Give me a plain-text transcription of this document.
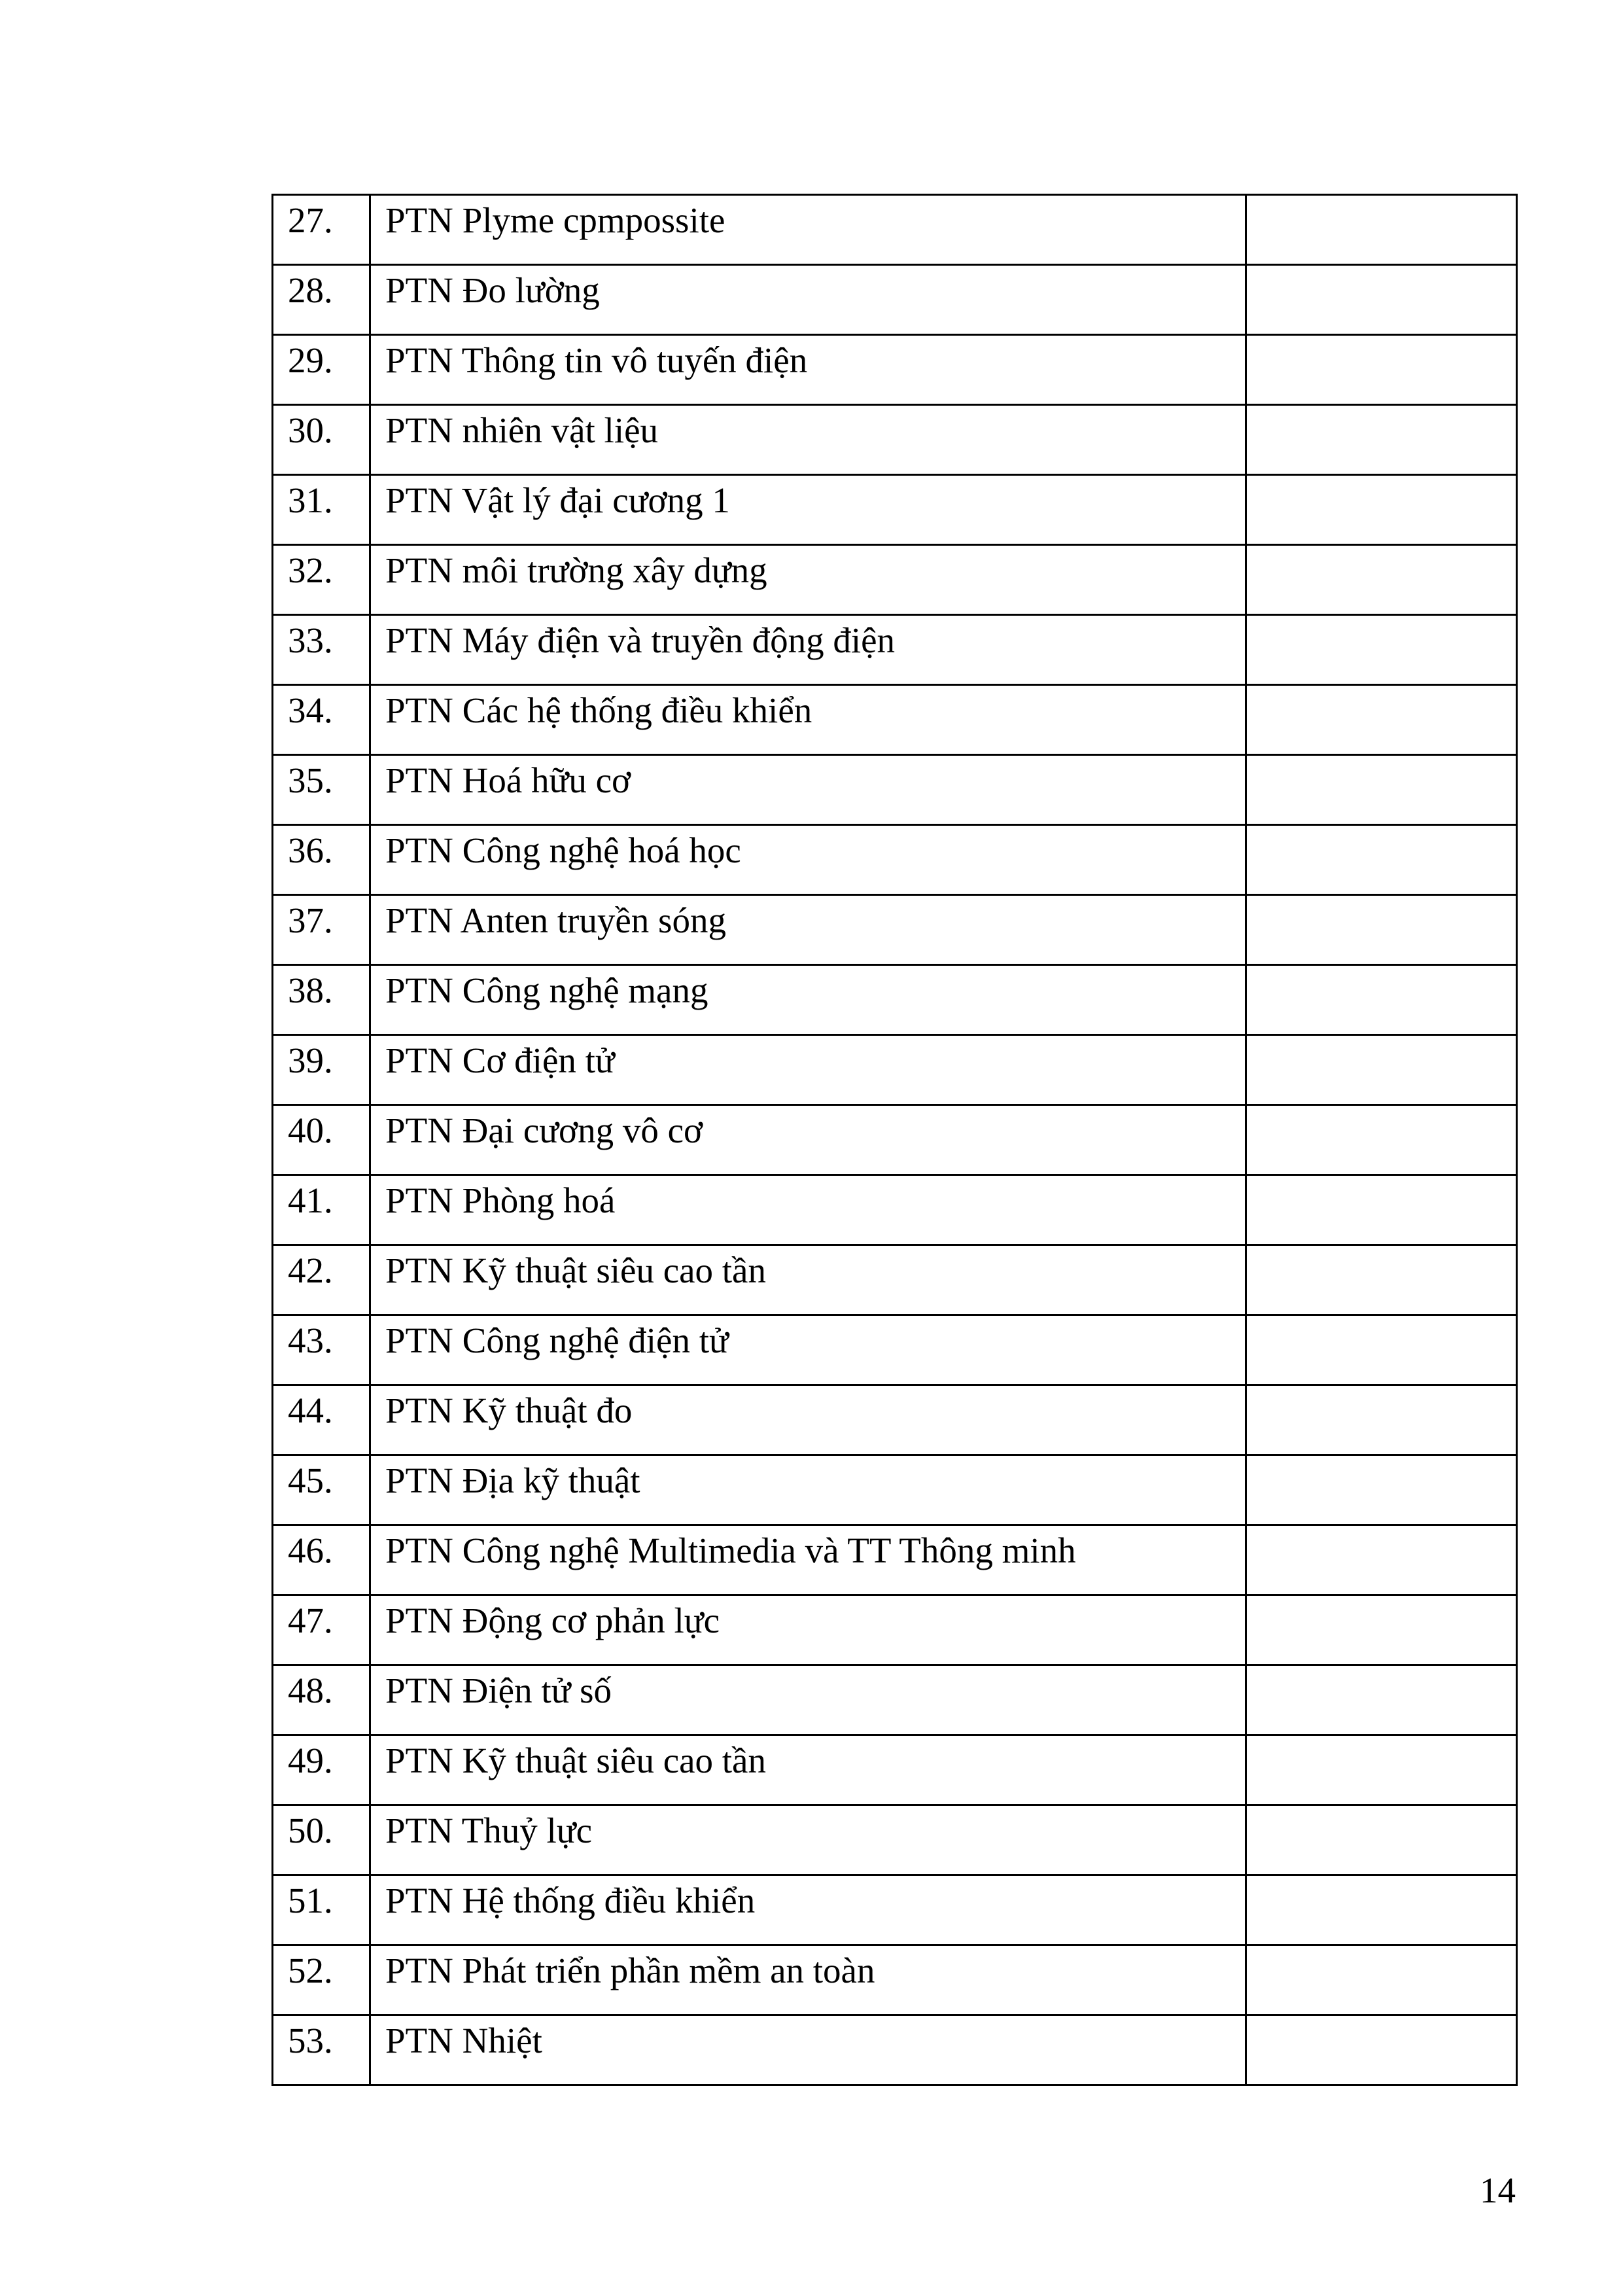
27.	PTN Plyme cpmpossite	
28.	PTN Đo lường	
29.	PTN Thông tin vô tuyến điện	
30.	PTN nhiên vật liệu	
31.	PTN Vật lý đại cương 1	
32.	PTN môi trường xây dựng	
33.	PTN Máy điện và truyền động điện	
34.	PTN Các hệ thống điều khiển	
35.	PTN Hoá hữu cơ	
36.	PTN Công nghệ hoá học	
37.	PTN Anten truyền sóng	
38.	PTN Công nghệ mạng	
39.	PTN Cơ điện tử	
40.	PTN Đại cương vô cơ	
41.	PTN Phòng hoá	
42.	PTN Kỹ thuật siêu cao tần	
43.	PTN Công nghệ điện tử	
44.	PTN Kỹ thuật đo	
45.	PTN Địa kỹ thuật	
46.	PTN Công nghệ Multimedia và TT Thông minh	
47.	PTN Động cơ phản lực	
48.	PTN Điện tử số	
49.	PTN Kỹ thuật siêu cao tần	
50.	PTN Thuỷ lực	
51.	PTN Hệ thống điều khiển	
52.	PTN Phát triển phần mềm an toàn	
53.	PTN Nhiệt	
14
